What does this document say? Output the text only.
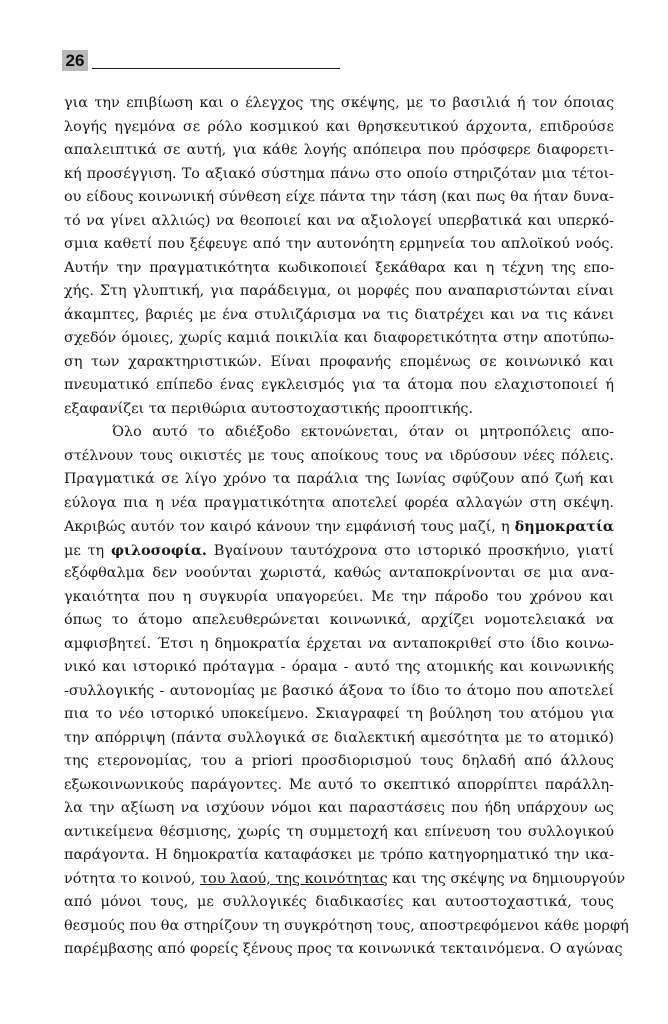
26
για την επιβίωση και ο έλεγχος της σκέψης, με το βασιλιά ή τον όποιας
λογής ηγεμόνα σε ρόλο κοσμικού και θρησκευτικού άρχοντα, επιδρούσε
απαλειπτικά σε αυτή, για κάθε λογής απόπειρα που πρόσφερε διαφορετι-
κή προσέγγιση. Το αξιακό σύστημα πάνω στο οποίο στηριζόταν μια τέτοι-
ου είδους κοινωνική σύνθεση είχε πάντα την τάση (και πως θα ήταν δυνα-
τό να γίνει αλλιώς) να θεοποιεί και να αξιολογεί υπερβατικά και υπερκό-
σμια καθετί που ξέφευγε από την αυτονόητη ερμηνεία του απλοϊκού νοός.
Αυτήν την πραγματικότητα κωδικοποιεί ξεκάθαρα και η τέχνη της επο-
χής. Στη γλυπτική, για παράδειγμα, οι μορφές που αναπαριστώνται είναι
άκαμπτες, βαριές με ένα στυλιζάρισμα να τις διατρέχει και να τις κάνει
σχεδόν όμοιες, χωρίς καμιά ποικιλία και διαφορετικότητα στην αποτύπω-
ση των χαρακτηριστικών. Είναι προφανής επομένως σε κοινωνικό και
πνευματικό επίπεδο ένας εγκλεισμός για τα άτομα που ελαχιστοποιεί ή
εξαφανίζει τα περιθώρια αυτοστοχαστικής προοπτικής.
Όλο αυτό το αδιέξοδο εκτονώνεται, όταν οι μητροπόλεις απο-
στέλνουν τους οικιστές με τους αποίκους τους να ιδρύσουν νέες πόλεις.
Πραγματικά σε λίγο χρόνο τα παράλια της Ιωνίας σφύζουν από ζωή και
εύλογα πια η νέα πραγματικότητα αποτελεί φορέα αλλαγών στη σκέψη.
Ακριβώς αυτόν τον καιρό κάνουν την εμφάνισή τους μαζί, η δημοκρατία
με τη φιλοσοφία. Βγαίνουν ταυτόχρονα στο ιστορικό προσκήνιο, γιατί
εξόφθαλμα δεν νοούνται χωριστά, καθώς ανταποκρίνονται σε μια ανα-
γκαιότητα που η συγκυρία υπαγορεύει. Με την πάροδο του χρόνου και
όπως το άτομο απελευθερώνεται κοινωνικά, αρχίζει νομοτελειακά να
αμφισβητεί. Έτσι η δημοκρατία έρχεται να ανταποκριθεί στο ίδιο κοινω-
νικό και ιστορικό πρόταγμα - όραμα - αυτό της ατομικής και κοινωνικής
-συλλογικής - αυτονομίας με βασικό άξονα το ίδιο το άτομο που αποτελεί
πια το νέο ιστορικό υποκείμενο. Σκιαγραφεί τη βούληση του ατόμου για
την απόρριψη (πάντα συλλογικά σε διαλεκτική αμεσότητα με το ατομικό)
της ετερονομίας, του a priori προσδιορισμού τους δηλαδή από άλλους
εξωκοινωνικούς παράγοντες. Με αυτό το σκεπτικό απορρίπτει παράλλη-
λα την αξίωση να ισχύουν νόμοι και παραστάσεις που ήδη υπάρχουν ως
αντικείμενα θέσμισης, χωρίς τη συμμετοχή και επίνευση του συλλογικού
παράγοντα. Η δημοκρατία καταφάσκει με τρόπο κατηγορηματικό την ικα-
νότητα το κοινού, του λαού, της κοινότητας και της σκέψης να δημιουργούν
από μόνοι τους, με συλλογικές διαδικασίες και αυτοστοχαστικά, τους
θεσμούς που θα στηρίζουν τη συγκρότηση τους, αποστρεφόμενοι κάθε μορφή
παρέμβασης από φορείς ξένους προς τα κοινωνικά τεκταινόμενα. Ο αγώνας
